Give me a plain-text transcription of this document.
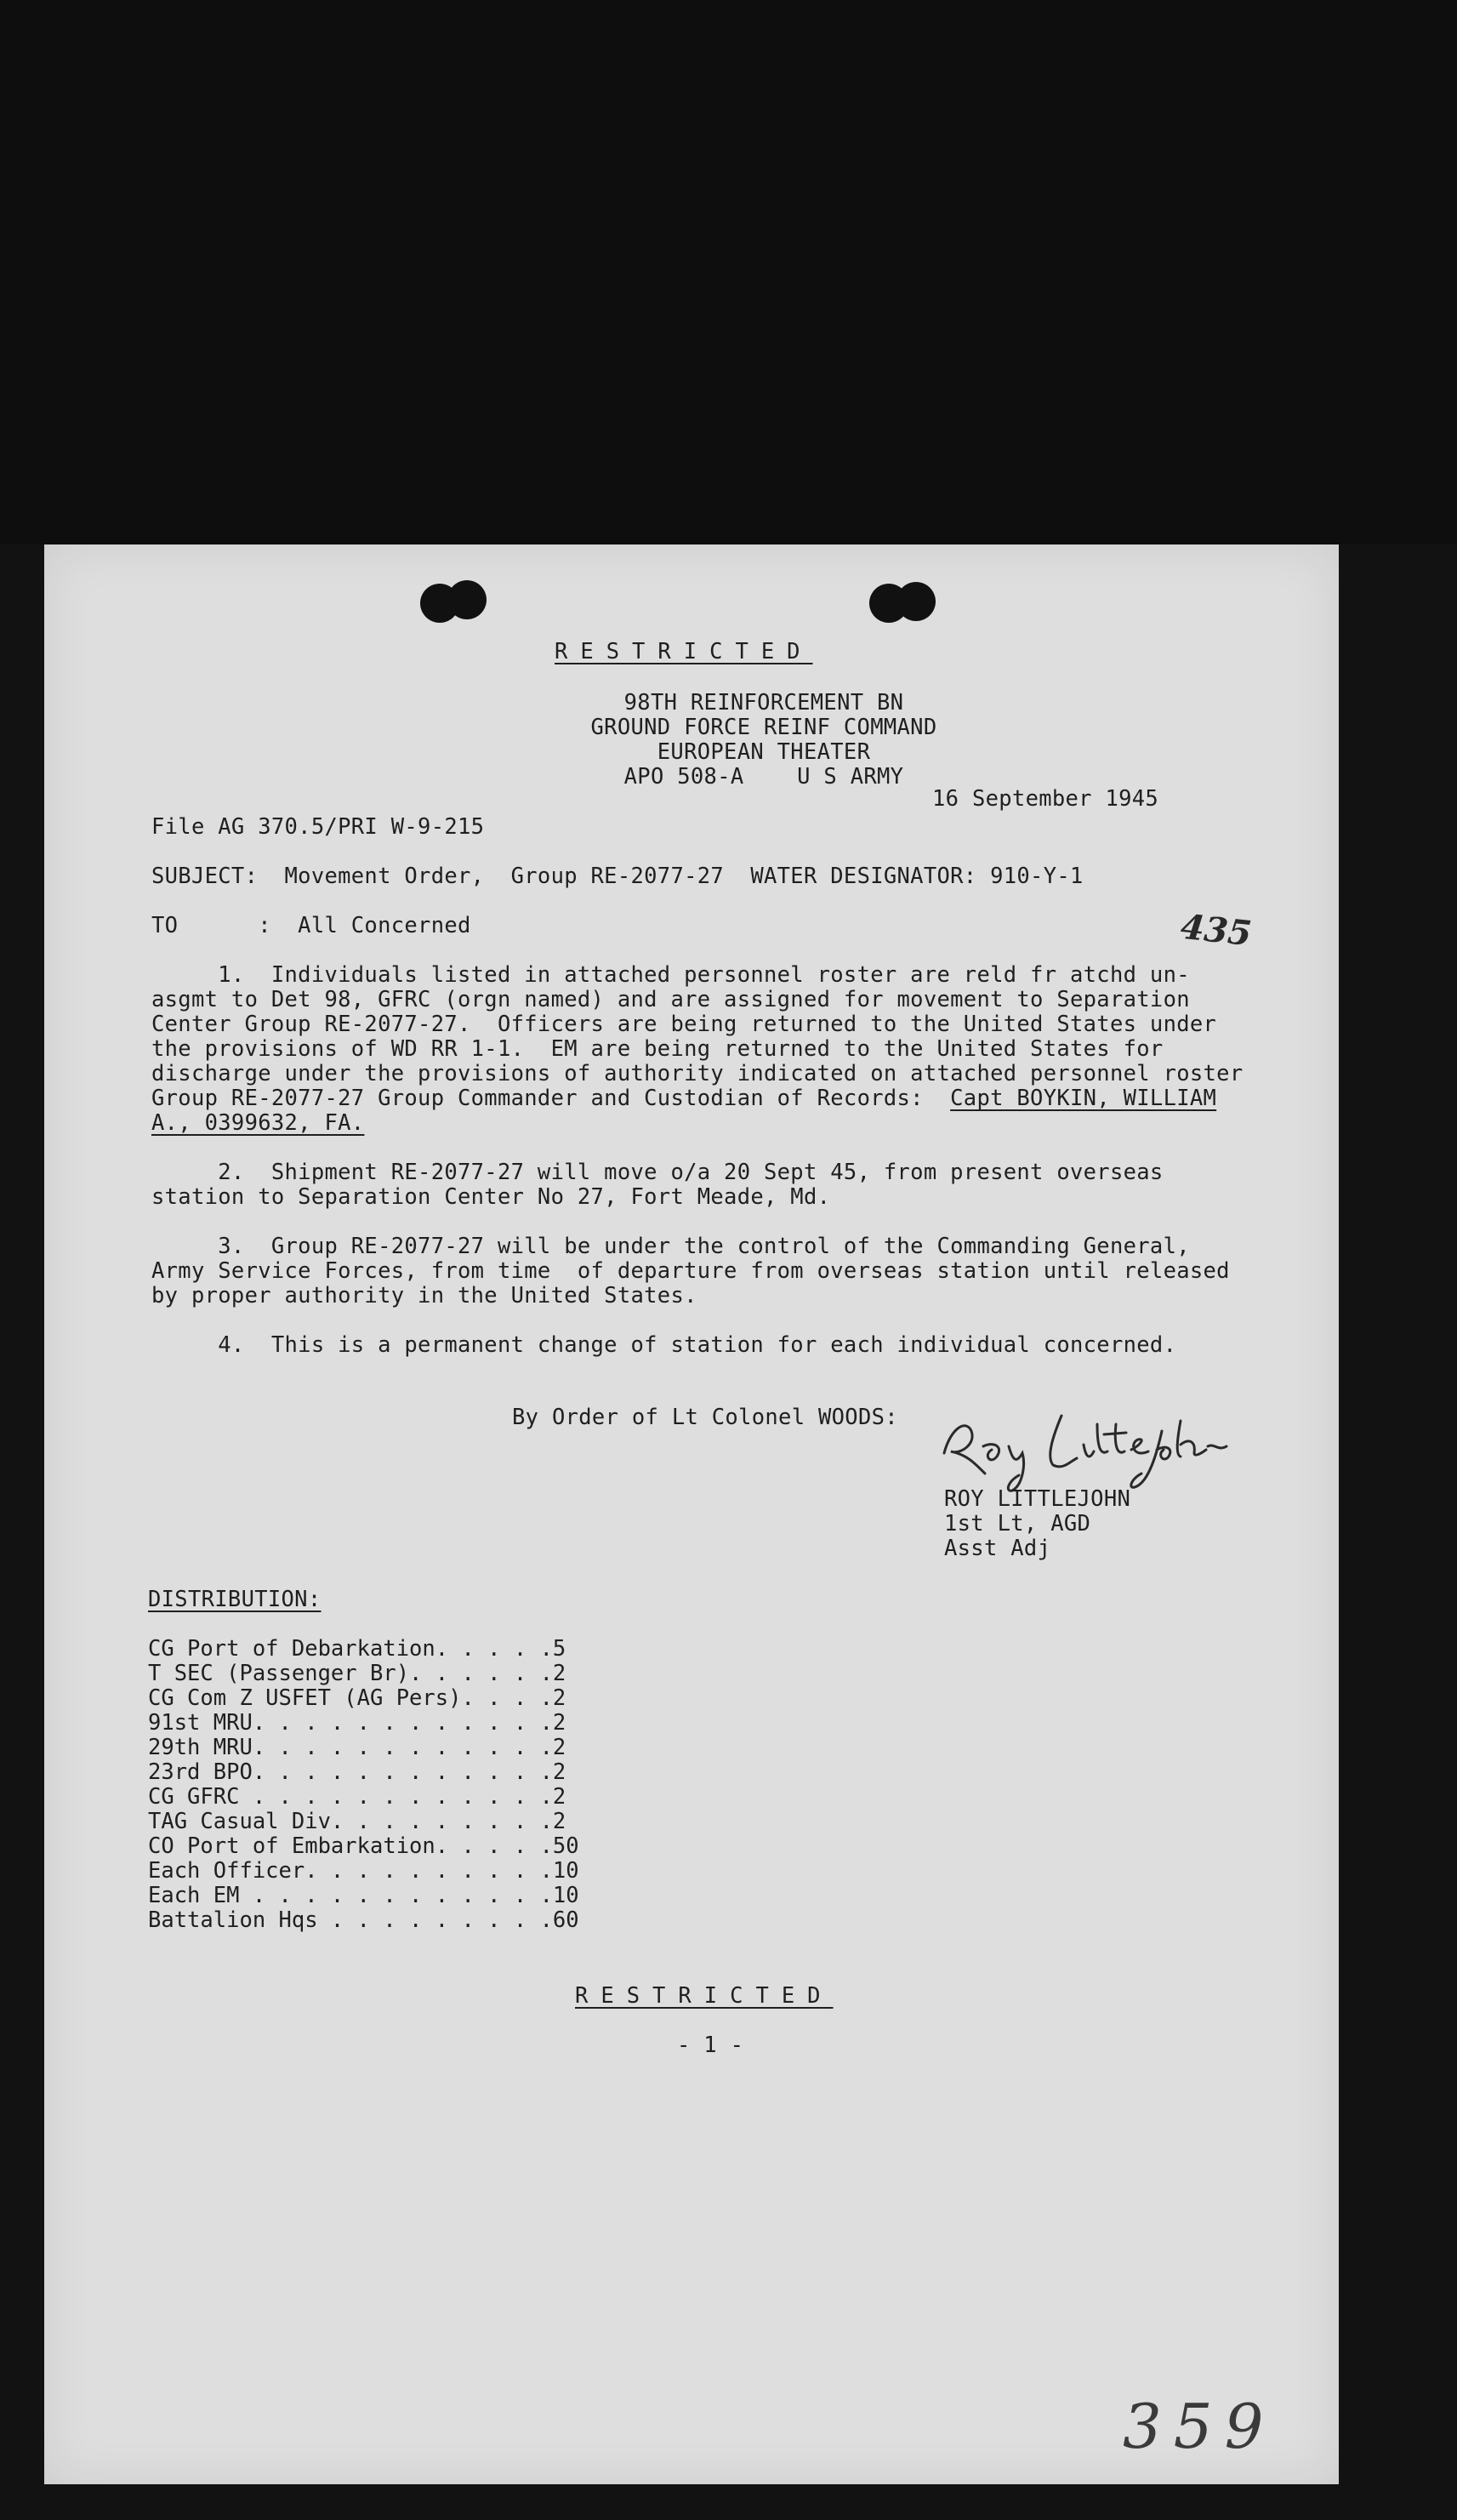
RESTRICTED
98TH REINFORCEMENT BN
GROUND FORCE REINF COMMAND
EUROPEAN THEATER
APO 508-A    U S ARMY
16 September 1945
File AG 370.5/PRI W-9-215
SUBJECT:  Movement Order,  Group RE-2077-27  WATER DESIGNATOR: 910-Y-1
TO      :  All Concerned	435
1.  Individuals listed in attached personnel roster are reld fr atchd un-
asgmt to Det 98, GFRC (orgn named) and are assigned for movement to Separation
Center Group RE-2077-27.  Officers are being returned to the United States under
the provisions of WD RR 1-1.  EM are being returned to the United States for
discharge under the provisions of authority indicated on attached personnel roster
Group RE-2077-27 Group Commander and Custodian of Records:  Capt BOYKIN, WILLIAM
A., 0399632, FA.
2.  Shipment RE-2077-27 will move o/a 20 Sept 45, from present overseas
station to Separation Center No 27, Fort Meade, Md.
3.  Group RE-2077-27 will be under the control of the Commanding General,
Army Service Forces, from time  of departure from overseas station until released
by proper authority in the United States.
4.  This is a permanent change of station for each individual concerned.
By Order of Lt Colonel WOODS:
ROY LITTLEJOHN
1st Lt, AGD
Asst Adj
DISTRIBUTION:
CG Port of Debarkation. . . . .5
T SEC (Passenger Br). . . . . .2
CG Com Z USFET (AG Pers). . . .2
91st MRU. . . . . . . . . . . .2
29th MRU. . . . . . . . . . . .2
23rd BPO. . . . . . . . . . . .2
CG GFRC . . . . . . . . . . . .2
TAG Casual Div. . . . . . . . .2
CO Port of Embarkation. . . . .50
Each Officer. . . . . . . . . .10
Each EM . . . . . . . . . . . .10
Battalion Hqs . . . . . . . . .60
RESTRICTED
- 1 -
359
